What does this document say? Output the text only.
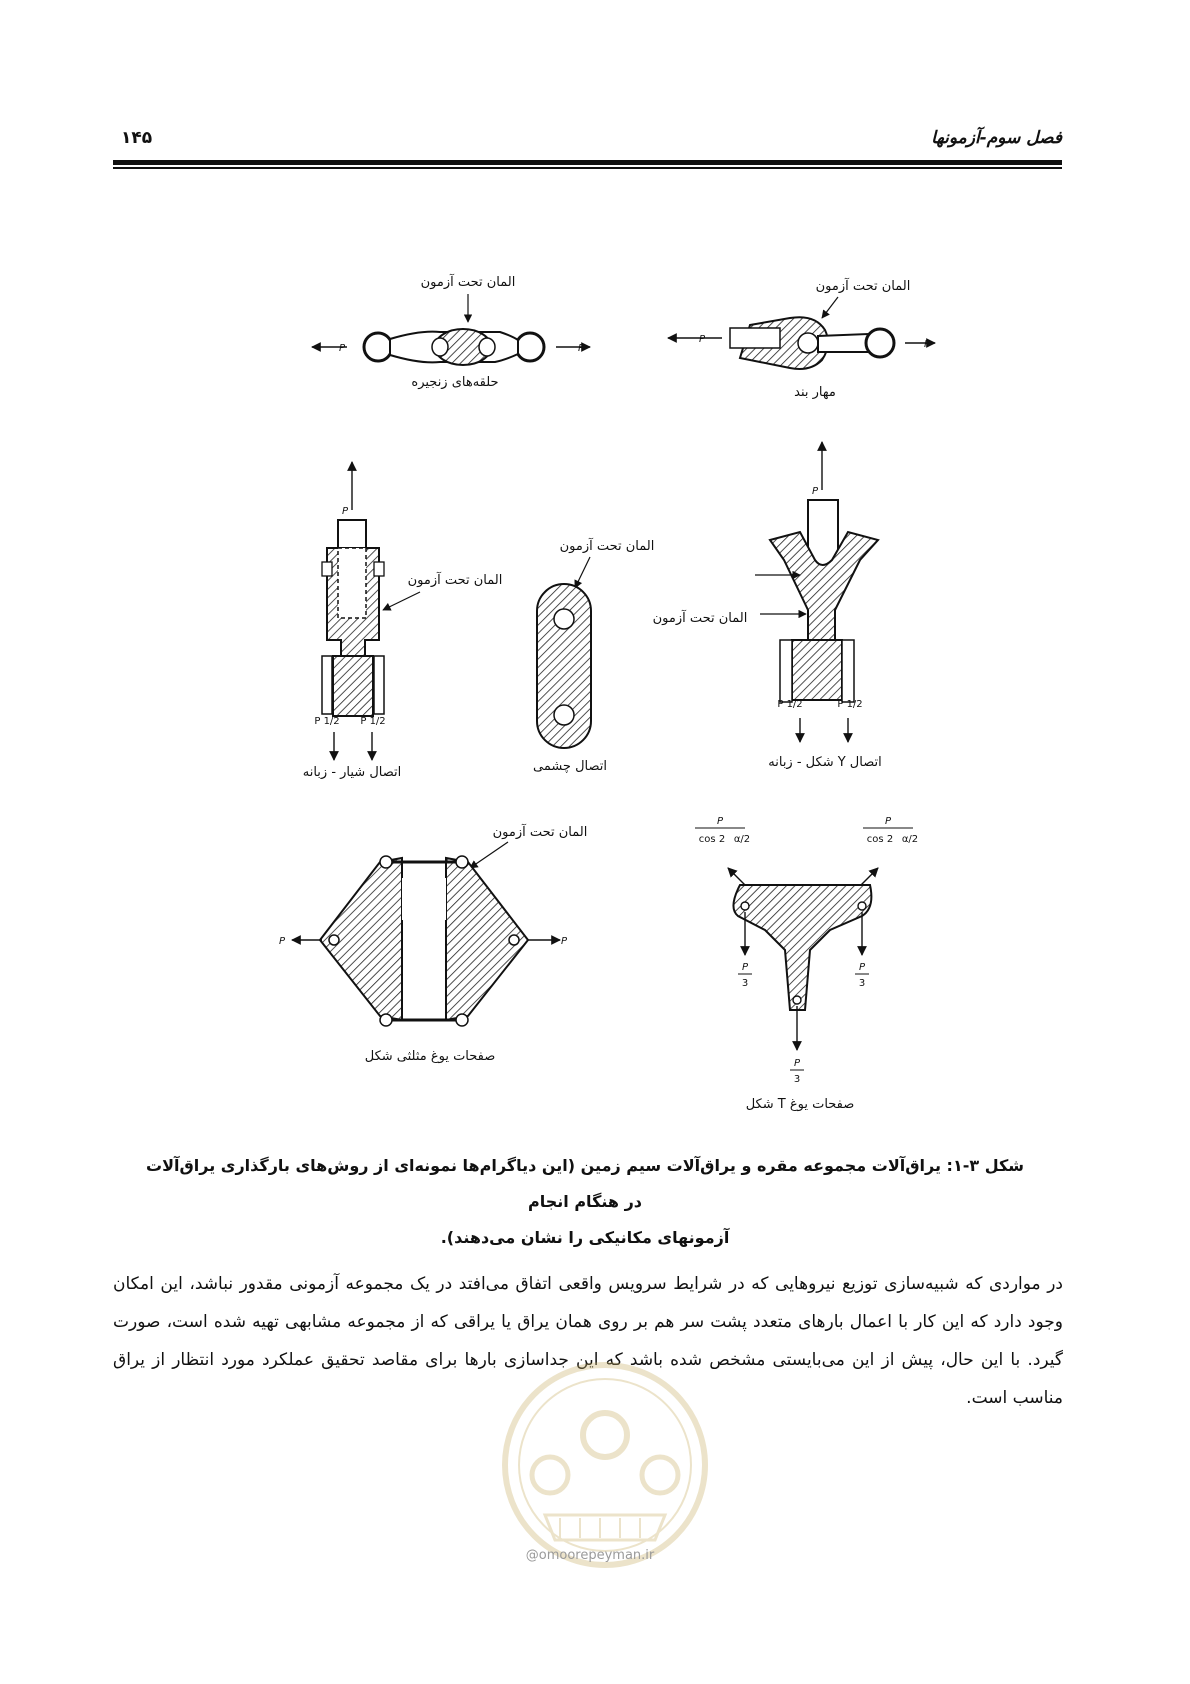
فصل سوم-آزمونها
۱۴۵
المان تحت آزمون
P	P
حلقه‌های زنجیره
المان تحت آزمون
P	P
مهار بند
P
المان تحت آزمون
1/2 P 1/2 P
اتصال شیار - زبانه
المان تحت آزمون
اتصال چشمی
P
المان تحت آزمون
1/2 P	1/2 P
اتصال Y شکل - زبانه
المان تحت آزمون
P	P
صفحات یوغ مثلثی شکل
P
2 cos α/2
P
2 cos α/2
P
3
P
3
P
3
صفحات یوغ T شکل
شکل ۳-۱: یراق‌آلات مجموعه مقره و یراق‌آلات سیم زمین (این دیاگرام‌ها نمونه‌ای از روش‌های بارگذاری یراق‌آلات در هنگام انجام
آزمونهای مکانیکی را نشان می‌دهند).

در مواردی که شبیه‌سازی توزیع نیروهایی که در شرایط سرویس واقعی اتفاق می‌افتد در یک مجموعه آزمونی مقدور نباشد، این امکان وجود دارد که این کار با اعمال بارهای متعدد پشت سر هم بر روی همان یراق یا یراقی که از مجموعه مشابهی تهیه شده است، صورت گیرد. با این حال، پیش از این می‌بایستی مشخص شده باشد که این جداسازی بارها برای مقاصد تحقیق عملکرد مورد انتظار از یراق مناسب است.

@omoorepeyman.ir
